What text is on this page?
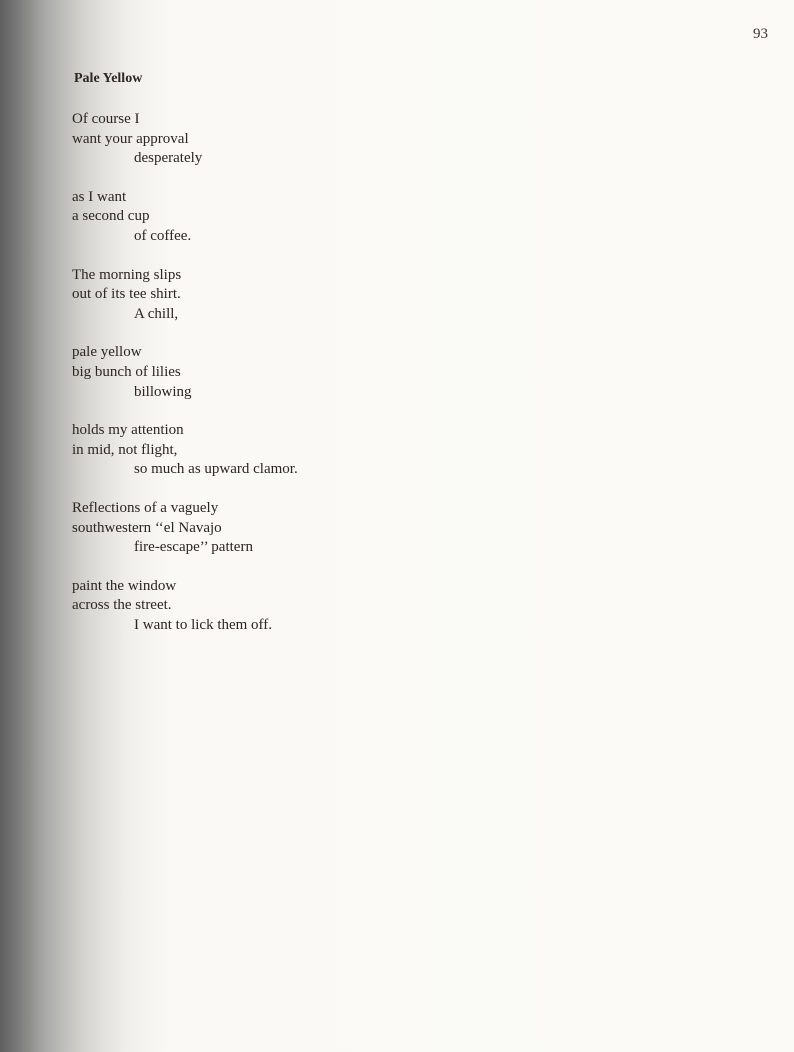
93
Pale Yellow
Of course I
want your approval
desperately
as I want
a second cup
of coffee.
The morning slips
out of its tee shirt.
A chill,
pale yellow
big bunch of lilies
billowing
holds my attention
in mid, not flight,
so much as upward clamor.
Reflections of a vaguely
southwestern ‘‘el Navajo
fire-escape’’ pattern
paint the window
across the street.
I want to lick them off.
